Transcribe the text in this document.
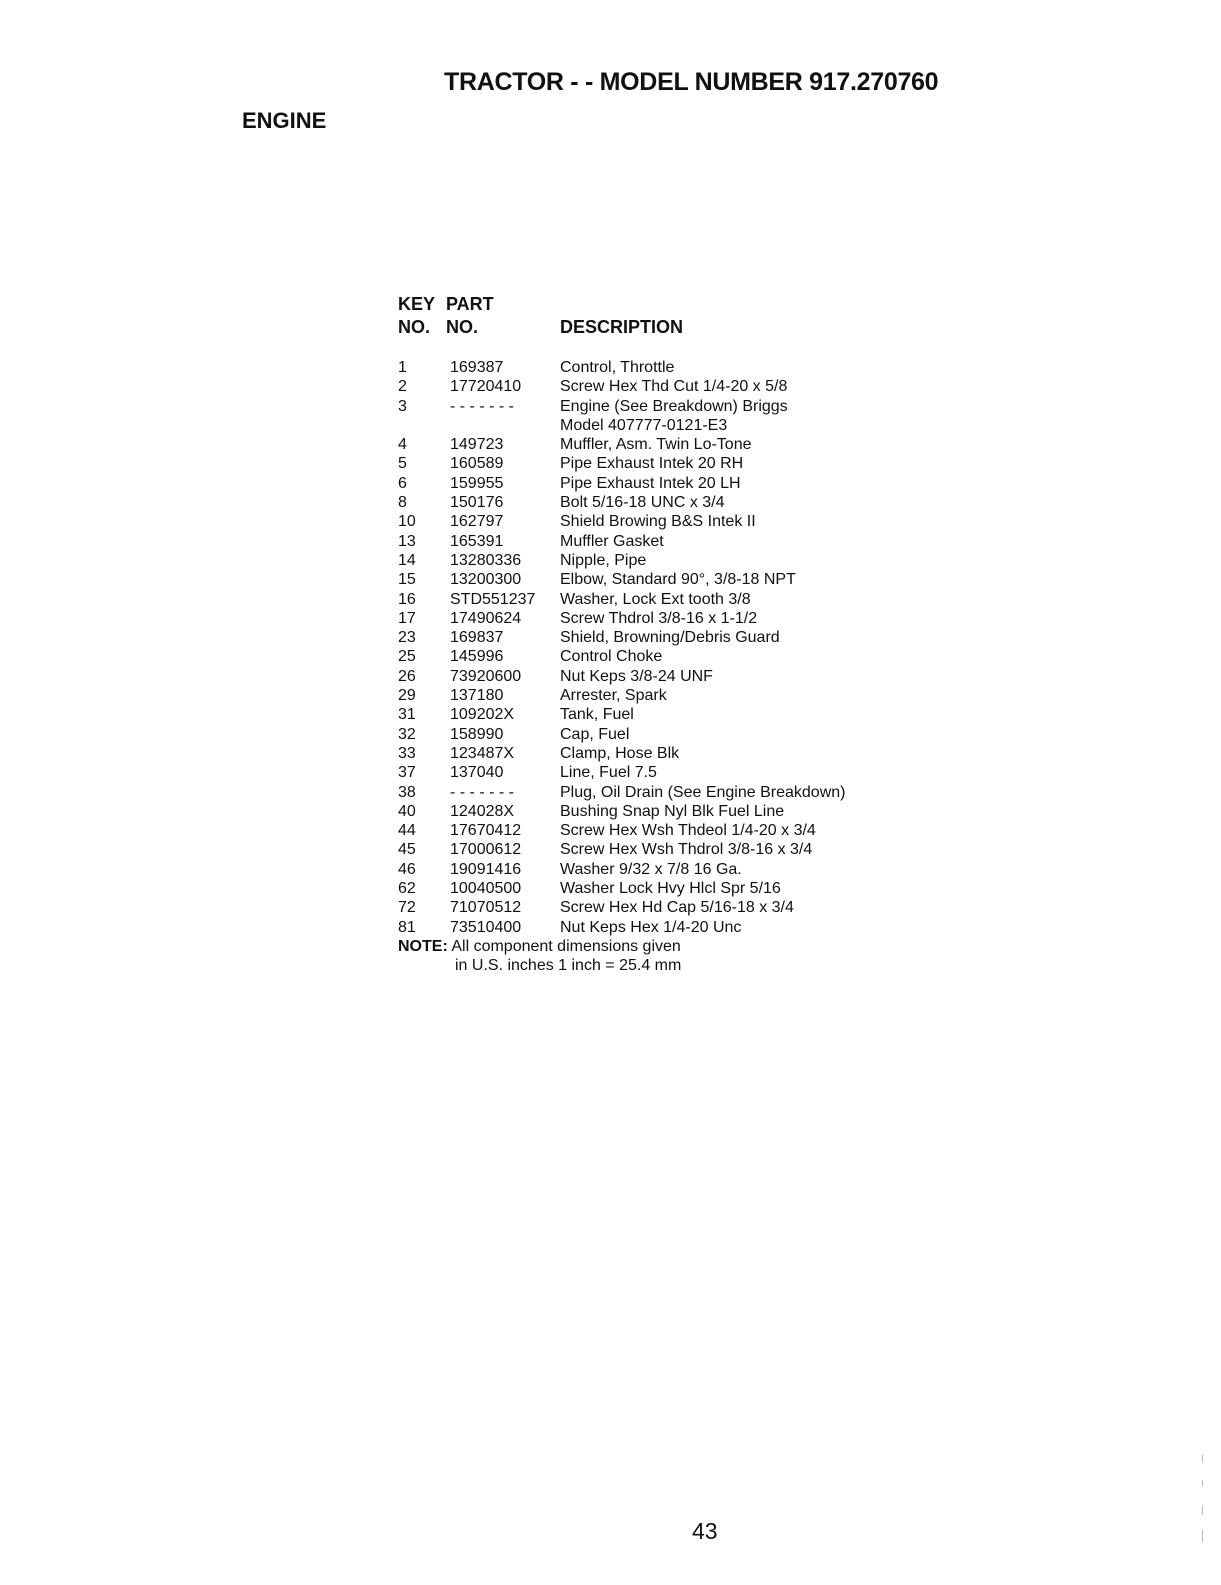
TRACTOR - - MODEL NUMBER 917.270760
ENGINE
KEY
NO.
PART
NO.	DESCRIPTION
1	169387	Control, Throttle
2	17720410 Screw Hex Thd Cut 1/4-20 x 5/8
3	- - - - - - -	Engine (See Breakdown) Briggs
Model 407777-0121-E3
4	149723	Muffler, Asm. Twin Lo-Tone
5	160589	Pipe Exhaust Intek 20 RH
6	159955	Pipe Exhaust Intek 20 LH
8	150176	Bolt 5/16-18 UNC x 3/4
10 162797	Shield Browing B&S Intek II
13 165391	Muffler Gasket
14 13280336 Nipple, Pipe
15 13200300 Elbow, Standard 90°, 3/8-18 NPT
16 STD551237 Washer, Lock Ext tooth 3/8
17 17490624 Screw Thdrol 3/8-16 x 1-1/2
23 169837	Shield, Browning/Debris Guard
25 145996	Control Choke
26 73920600 Nut Keps 3/8-24 UNF
29 137180	Arrester, Spark
31 109202X	Tank, Fuel
32 158990	Cap, Fuel
33 123487X	Clamp, Hose Blk
37 137040	Line, Fuel 7.5
38 - - - - - - -	Plug, Oil Drain (See Engine Breakdown)
40 124028X	Bushing Snap Nyl Blk Fuel Line
44 17670412 Screw Hex Wsh Thdeol 1/4-20 x 3/4
45 17000612 Screw Hex Wsh Thdrol 3/8-16 x 3/4
46 19091416 Washer 9/32 x 7/8 16 Ga.
62 10040500 Washer Lock Hvy Hlcl Spr 5/16
72 71070512 Screw Hex Hd Cap 5/16-18 x 3/4
81 73510400 Nut Keps Hex 1/4-20 Unc
NOTE: All component dimensions given
in U.S. inches 1 inch = 25.4 mm
43
